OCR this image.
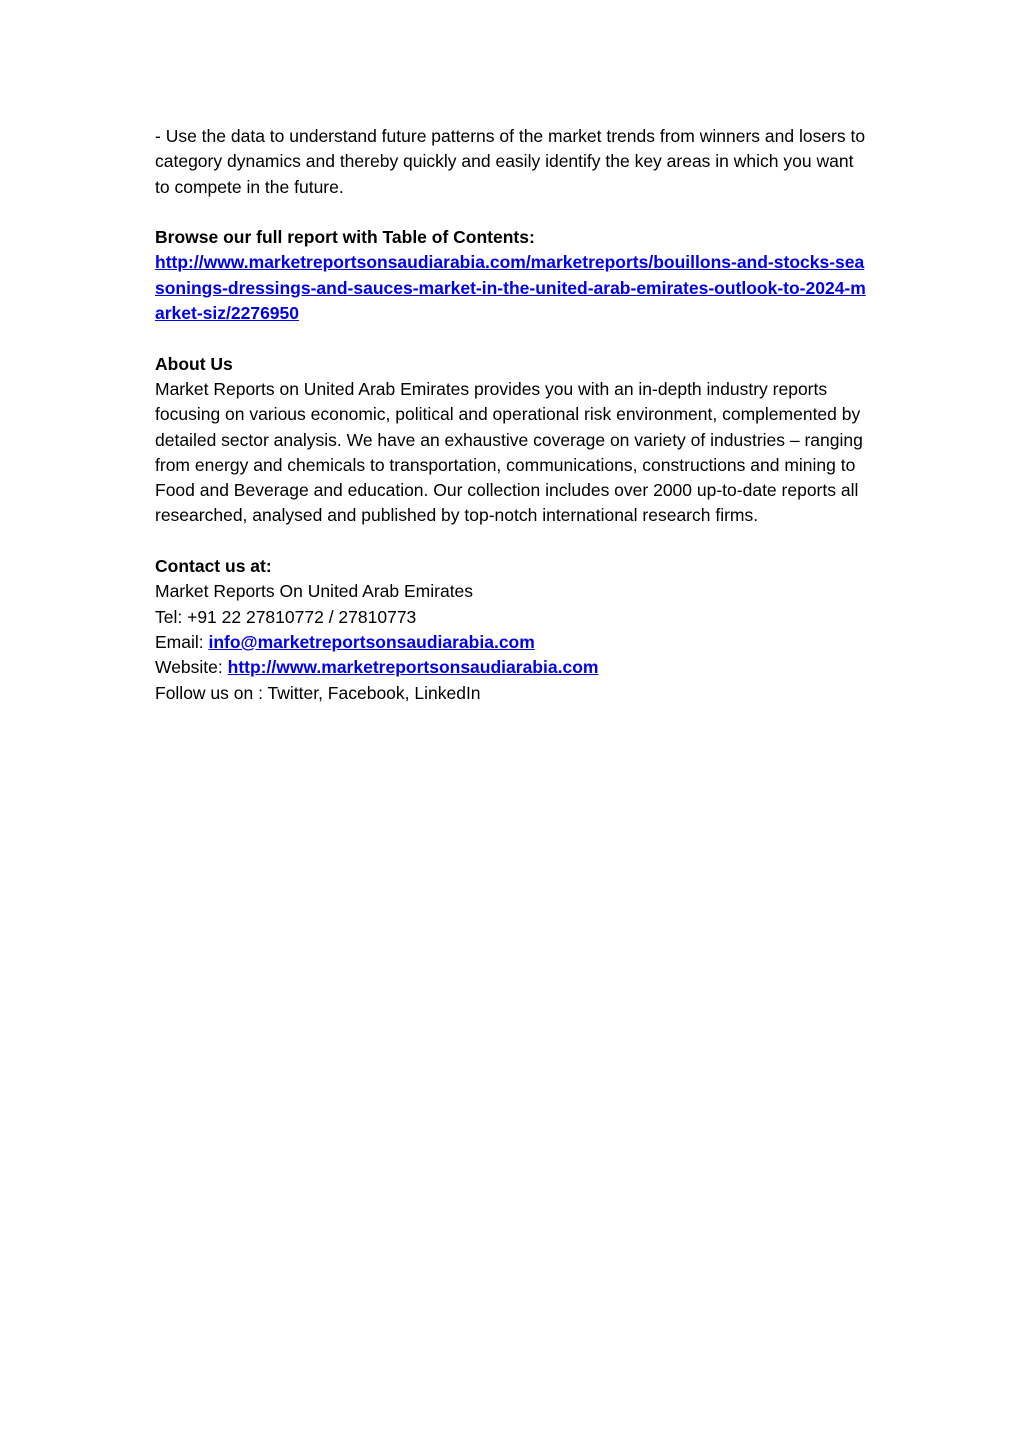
- Use the data to understand future patterns of the market trends from winners and losers to category dynamics and thereby quickly and easily identify the key areas in which you want to compete in the future.

Browse our full report with Table of Contents:

http://www.marketreportsonsaudiarabia.com/marketreports/bouillons-and-stocks-seasonings-dressings-and-sauces-market-in-the-united-arab-emirates-outlook-to-2024-market-siz/2276950

About Us

Market Reports on United Arab Emirates provides you with an in-depth industry reports focusing on various economic, political and operational risk environment, complemented by detailed sector analysis. We have an exhaustive coverage on variety of industries – ranging from energy and chemicals to transportation, communications, constructions and mining to Food and Beverage and education. Our collection includes over 2000 up-to-date reports all researched, analysed and published by top-notch international research firms.

Contact us at:

Market Reports On United Arab Emirates
Tel: +91 22 27810772 / 27810773
Email: info@marketreportsonsaudiarabia.com
Website: http://www.marketreportsonsaudiarabia.com
Follow us on : Twitter, Facebook, LinkedIn
